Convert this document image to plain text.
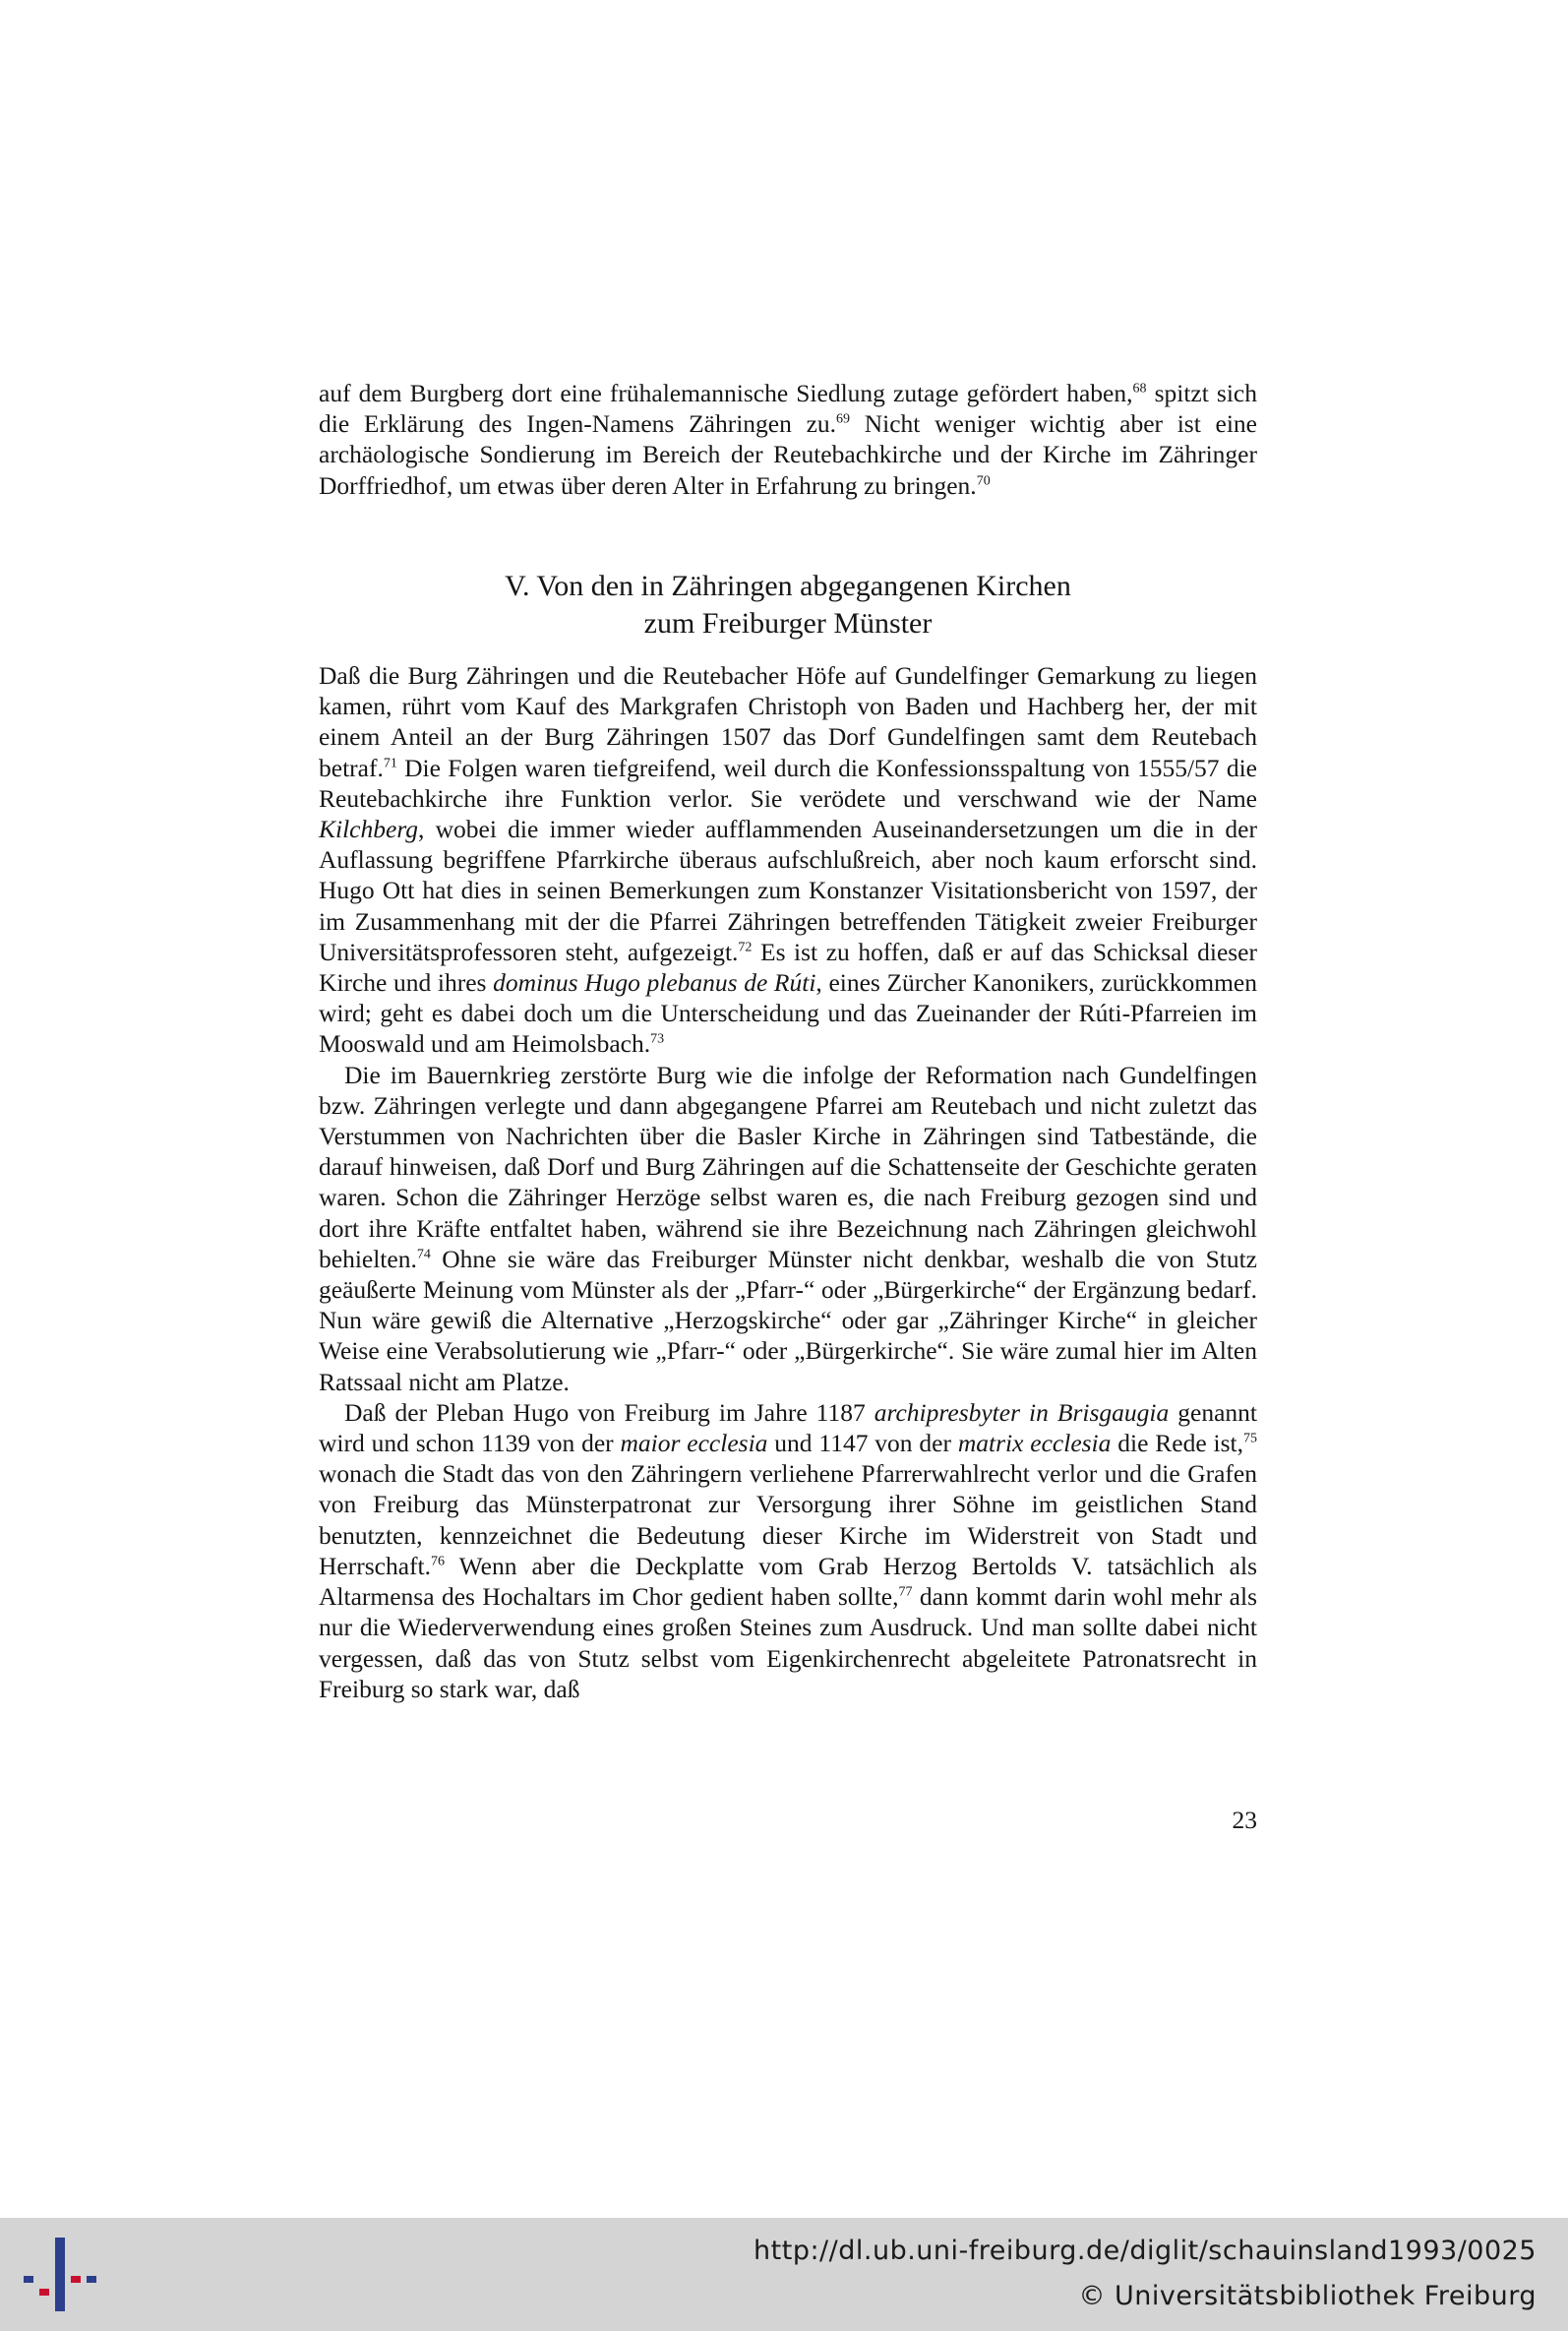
auf dem Burgberg dort eine frühalemannische Siedlung zutage gefördert haben,$^{68}$ spitzt sich die Erklärung des Ingen-Namens Zähringen zu.$^{69}$ Nicht weniger wichtig aber ist eine archäologische Sondierung im Bereich der Reutebachkirche und der Kirche im Zähringer Dorffriedhof, um etwas über deren Alter in Erfahrung zu bringen.$^{70}$

V. Von den in Zähringen abgegangenen Kirchen
zum Freiburger Münster

Daß die Burg Zähringen und die Reutebacher Höfe auf Gundelfinger Gemarkung zu liegen kamen, rührt vom Kauf des Markgrafen Christoph von Baden und Hachberg her, der mit einem Anteil an der Burg Zähringen 1507 das Dorf Gundelfingen samt dem Reutebach betraf.$^{71}$ Die Folgen waren tiefgreifend, weil durch die Konfessionsspaltung von 1555/57 die Reutebachkirche ihre Funktion verlor. Sie verödete und verschwand wie der Name Kilchberg, wobei die immer wieder aufflammenden Auseinandersetzungen um die in der Auflassung begriffene Pfarrkirche überaus aufschlußreich, aber noch kaum erforscht sind. Hugo Ott hat dies in seinen Bemerkungen zum Konstanzer Visitationsbericht von 1597, der im Zusammenhang mit der die Pfarrei Zähringen betreffenden Tätigkeit zweier Freiburger Universitätsprofessoren steht, aufgezeigt.$^{72}$ Es ist zu hoffen, daß er auf das Schicksal dieser Kirche und ihres dominus Hugo plebanus de Rúti, eines Zürcher Kanonikers, zurückkommen wird; geht es dabei doch um die Unterscheidung und das Zueinander der Rúti-Pfarreien im Mooswald und am Heimolsbach.$^{73}$

Die im Bauernkrieg zerstörte Burg wie die infolge der Reformation nach Gundelfingen bzw. Zähringen verlegte und dann abgegangene Pfarrei am Reutebach und nicht zuletzt das Verstummen von Nachrichten über die Basler Kirche in Zähringen sind Tatbestände, die darauf hinweisen, daß Dorf und Burg Zähringen auf die Schattenseite der Geschichte geraten waren. Schon die Zähringer Herzöge selbst waren es, die nach Freiburg gezogen sind und dort ihre Kräfte entfaltet haben, während sie ihre Bezeichnung nach Zähringen gleichwohl behielten.$^{74}$ Ohne sie wäre das Freiburger Münster nicht denkbar, weshalb die von Stutz geäußerte Meinung vom Münster als der „Pfarr-“ oder „Bürgerkirche“ der Ergänzung bedarf. Nun wäre gewiß die Alternative „Herzogskirche“ oder gar „Zähringer Kirche“ in gleicher Weise eine Verabsolutierung wie „Pfarr-“ oder „Bürgerkirche“. Sie wäre zumal hier im Alten Ratssaal nicht am Platze.

Daß der Pleban Hugo von Freiburg im Jahre 1187 archipresbyter in Brisgaugia genannt wird und schon 1139 von der maior ecclesia und 1147 von der matrix ecclesia die Rede ist,$^{75}$ wonach die Stadt das von den Zähringern verliehene Pfarrerwahlrecht verlor und die Grafen von Freiburg das Münsterpatronat zur Versorgung ihrer Söhne im geistlichen Stand benutzten, kennzeichnet die Bedeutung dieser Kirche im Widerstreit von Stadt und Herrschaft.$^{76}$ Wenn aber die Deckplatte vom Grab Herzog Bertolds V. tatsächlich als Altarmensa des Hochaltars im Chor gedient haben sollte,$^{77}$ dann kommt darin wohl mehr als nur die Wiederverwendung eines großen Steines zum Ausdruck. Und man sollte dabei nicht vergessen, daß das von Stutz selbst vom Eigenkirchenrecht abgeleitete Patronatsrecht in Freiburg so stark war, daß

23
http://dl.ub.uni-freiburg.de/diglit/schauinsland1993/0025
© Universitätsbibliothek Freiburg
